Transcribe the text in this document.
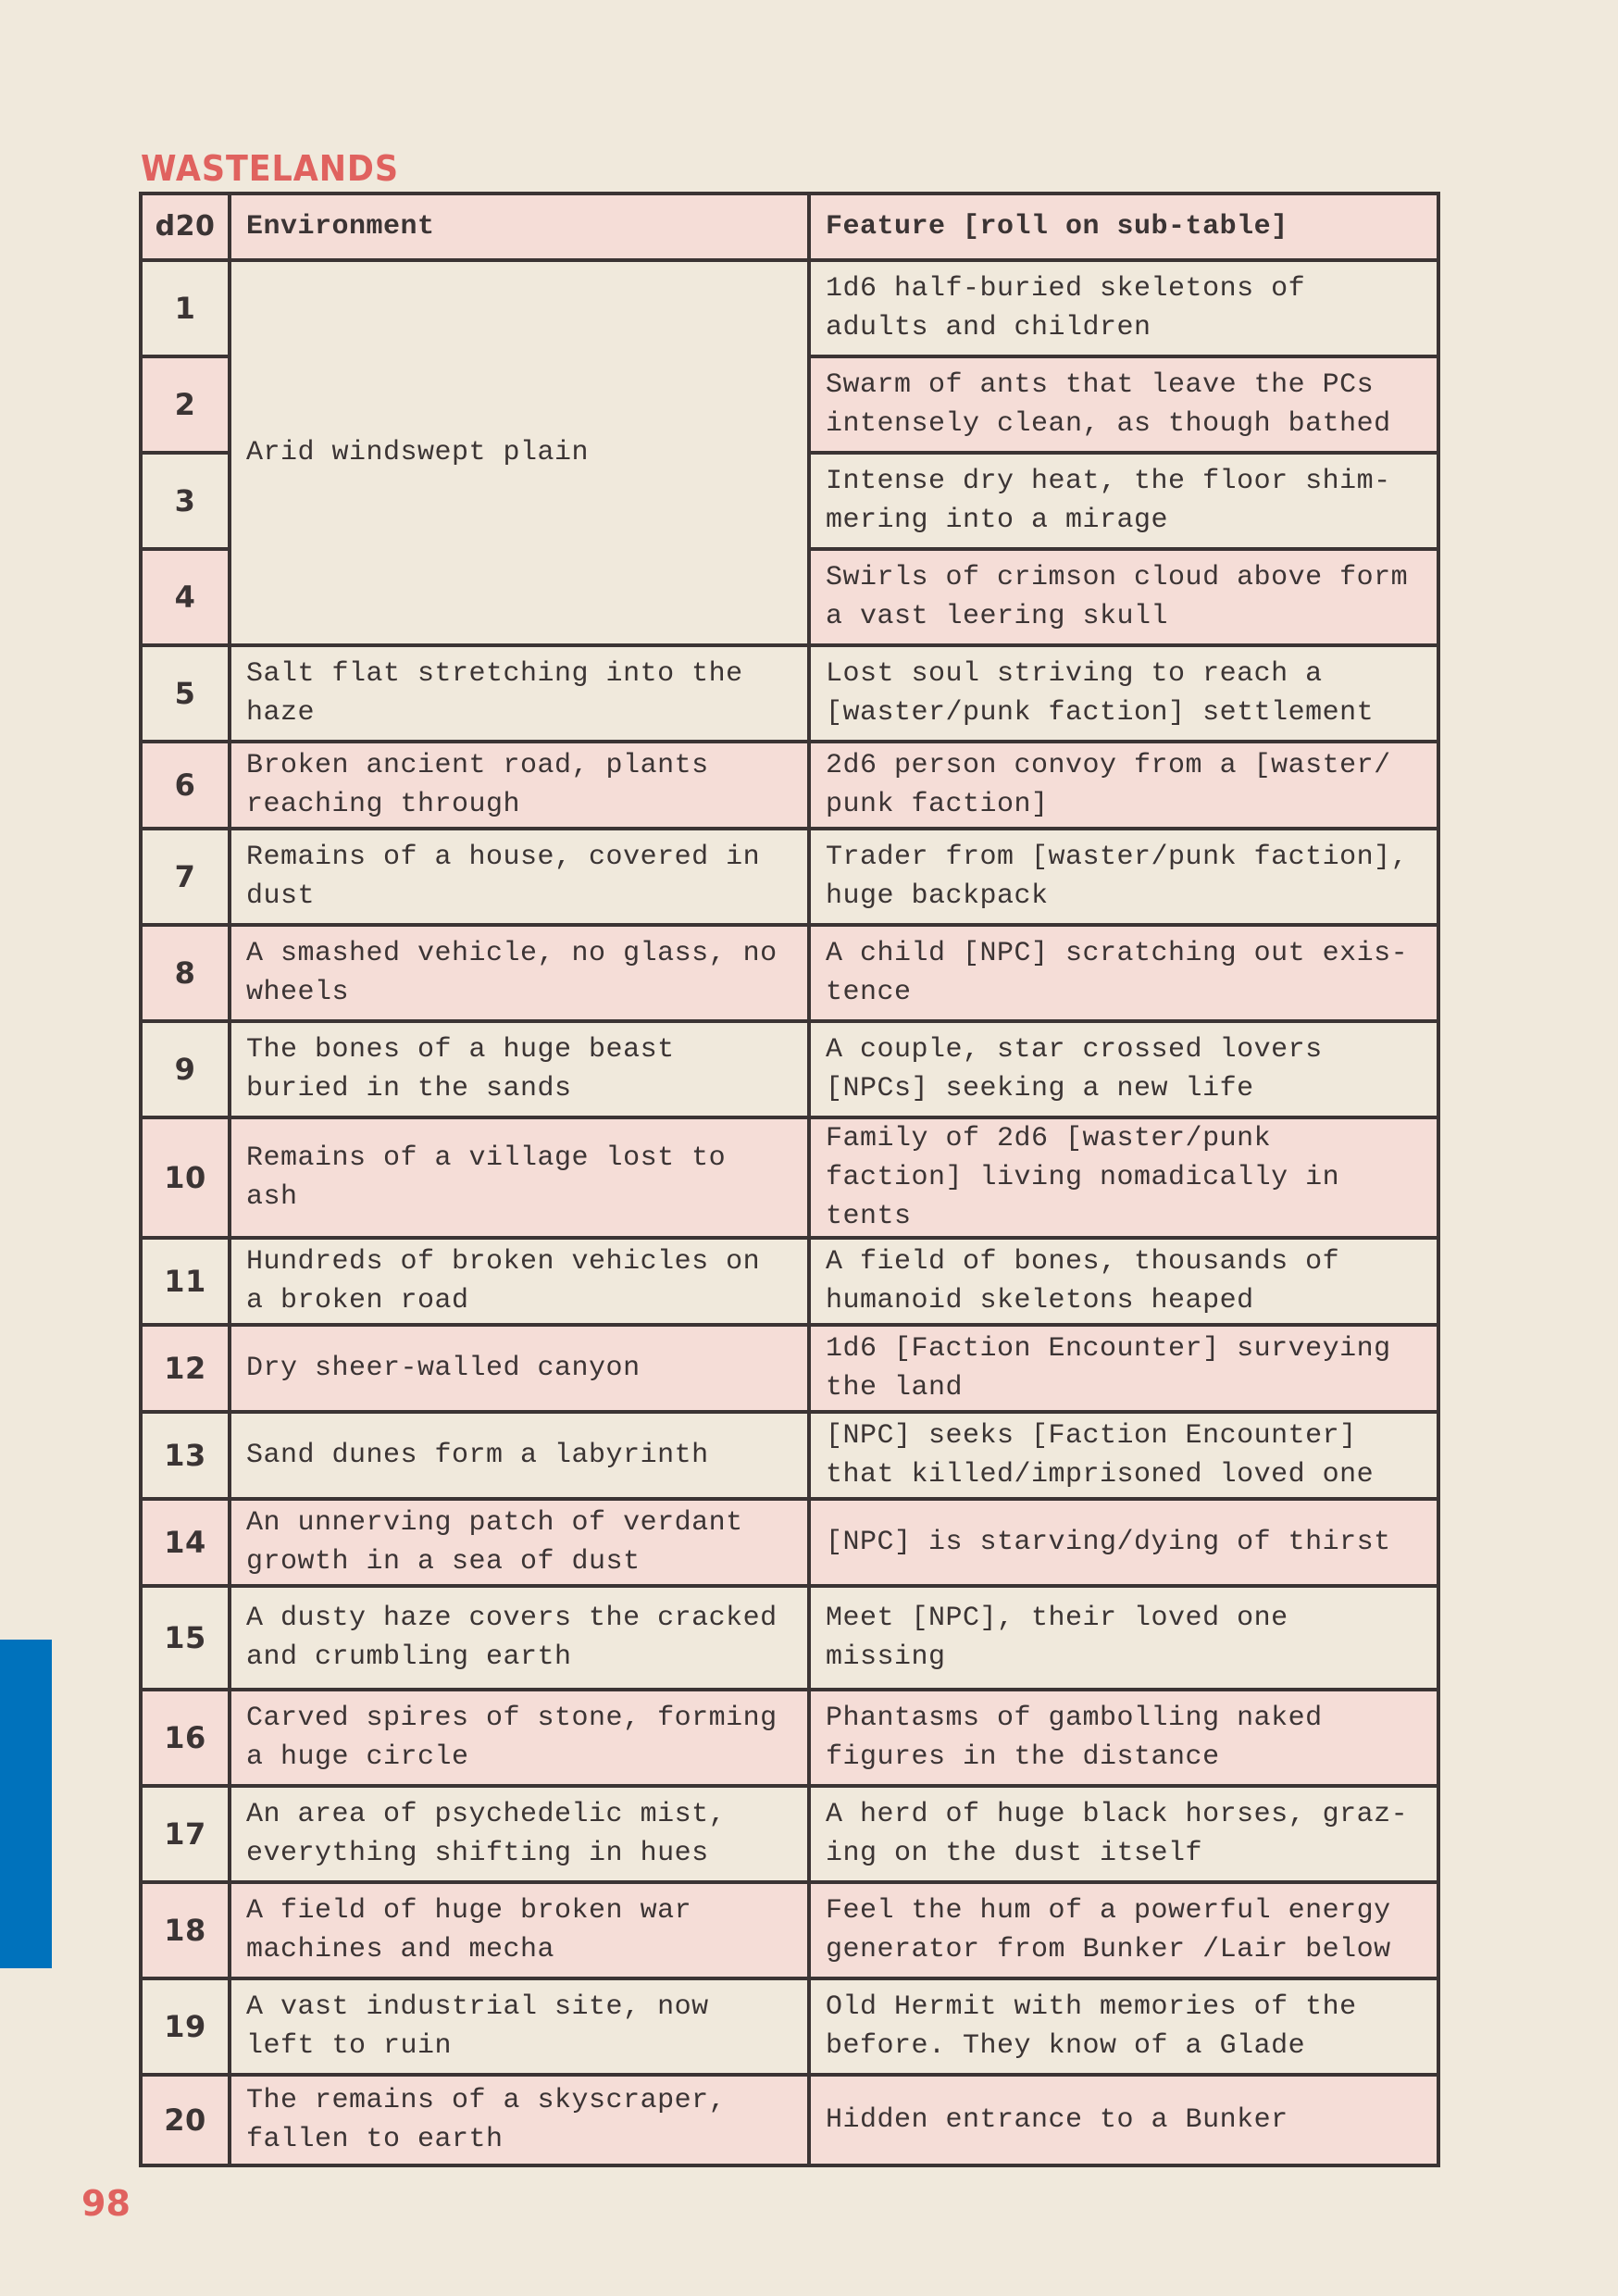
WASTELANDS
d20	Environment	Feature [roll on sub-table]
1	Arid windswept plain	1d6 half-buried skeletons of adults and children
2		Swarm of ants that leave the PCs intensely clean, as though bathed
3		Intense dry heat, the floor shim-mering into a mirage
4		Swirls of crimson cloud above form a vast leering skull
5	Salt flat stretching into the haze	Lost soul striving to reach a [waster/punk faction] settlement
6	Broken ancient road, plants reaching through	2d6 person convoy from a [waster/ punk faction]
7	Remains of a house, covered in dust	Trader from [waster/punk faction], huge backpack
8	A smashed vehicle, no glass, no wheels	A child [NPC] scratching out exis-tence
9	The bones of a huge beast buried in the sands	A couple, star crossed lovers [NPCs] seeking a new life
10	Remains of a village lost to ash	Family of 2d6 [waster/punk faction] living nomadically in tents
11	Hundreds of broken vehicles on a broken road	A field of bones, thousands of humanoid skeletons heaped
12	Dry sheer-walled canyon	1d6 [Faction Encounter] surveying the land
13	Sand dunes form a labyrinth	[NPC] seeks [Faction Encounter] that killed/imprisoned loved one
14	An unnerving patch of verdant growth in a sea of dust	[NPC] is starving/dying of thirst
15	A dusty haze covers the cracked and crumbling earth	Meet [NPC], their loved one missing
16	Carved spires of stone, forming a huge circle	Phantasms of gambolling naked figures in the distance
17	An area of psychedelic mist, everything shifting in hues	A herd of huge black horses, graz-ing on the dust itself
18	A field of huge broken war machines and mecha	Feel the hum of a powerful energy generator from Bunker /Lair below
19	A vast industrial site, now left to ruin	Old Hermit with memories of the before. They know of a Glade
20	The remains of a skyscraper, fallen to earth	Hidden entrance to a Bunker
98
